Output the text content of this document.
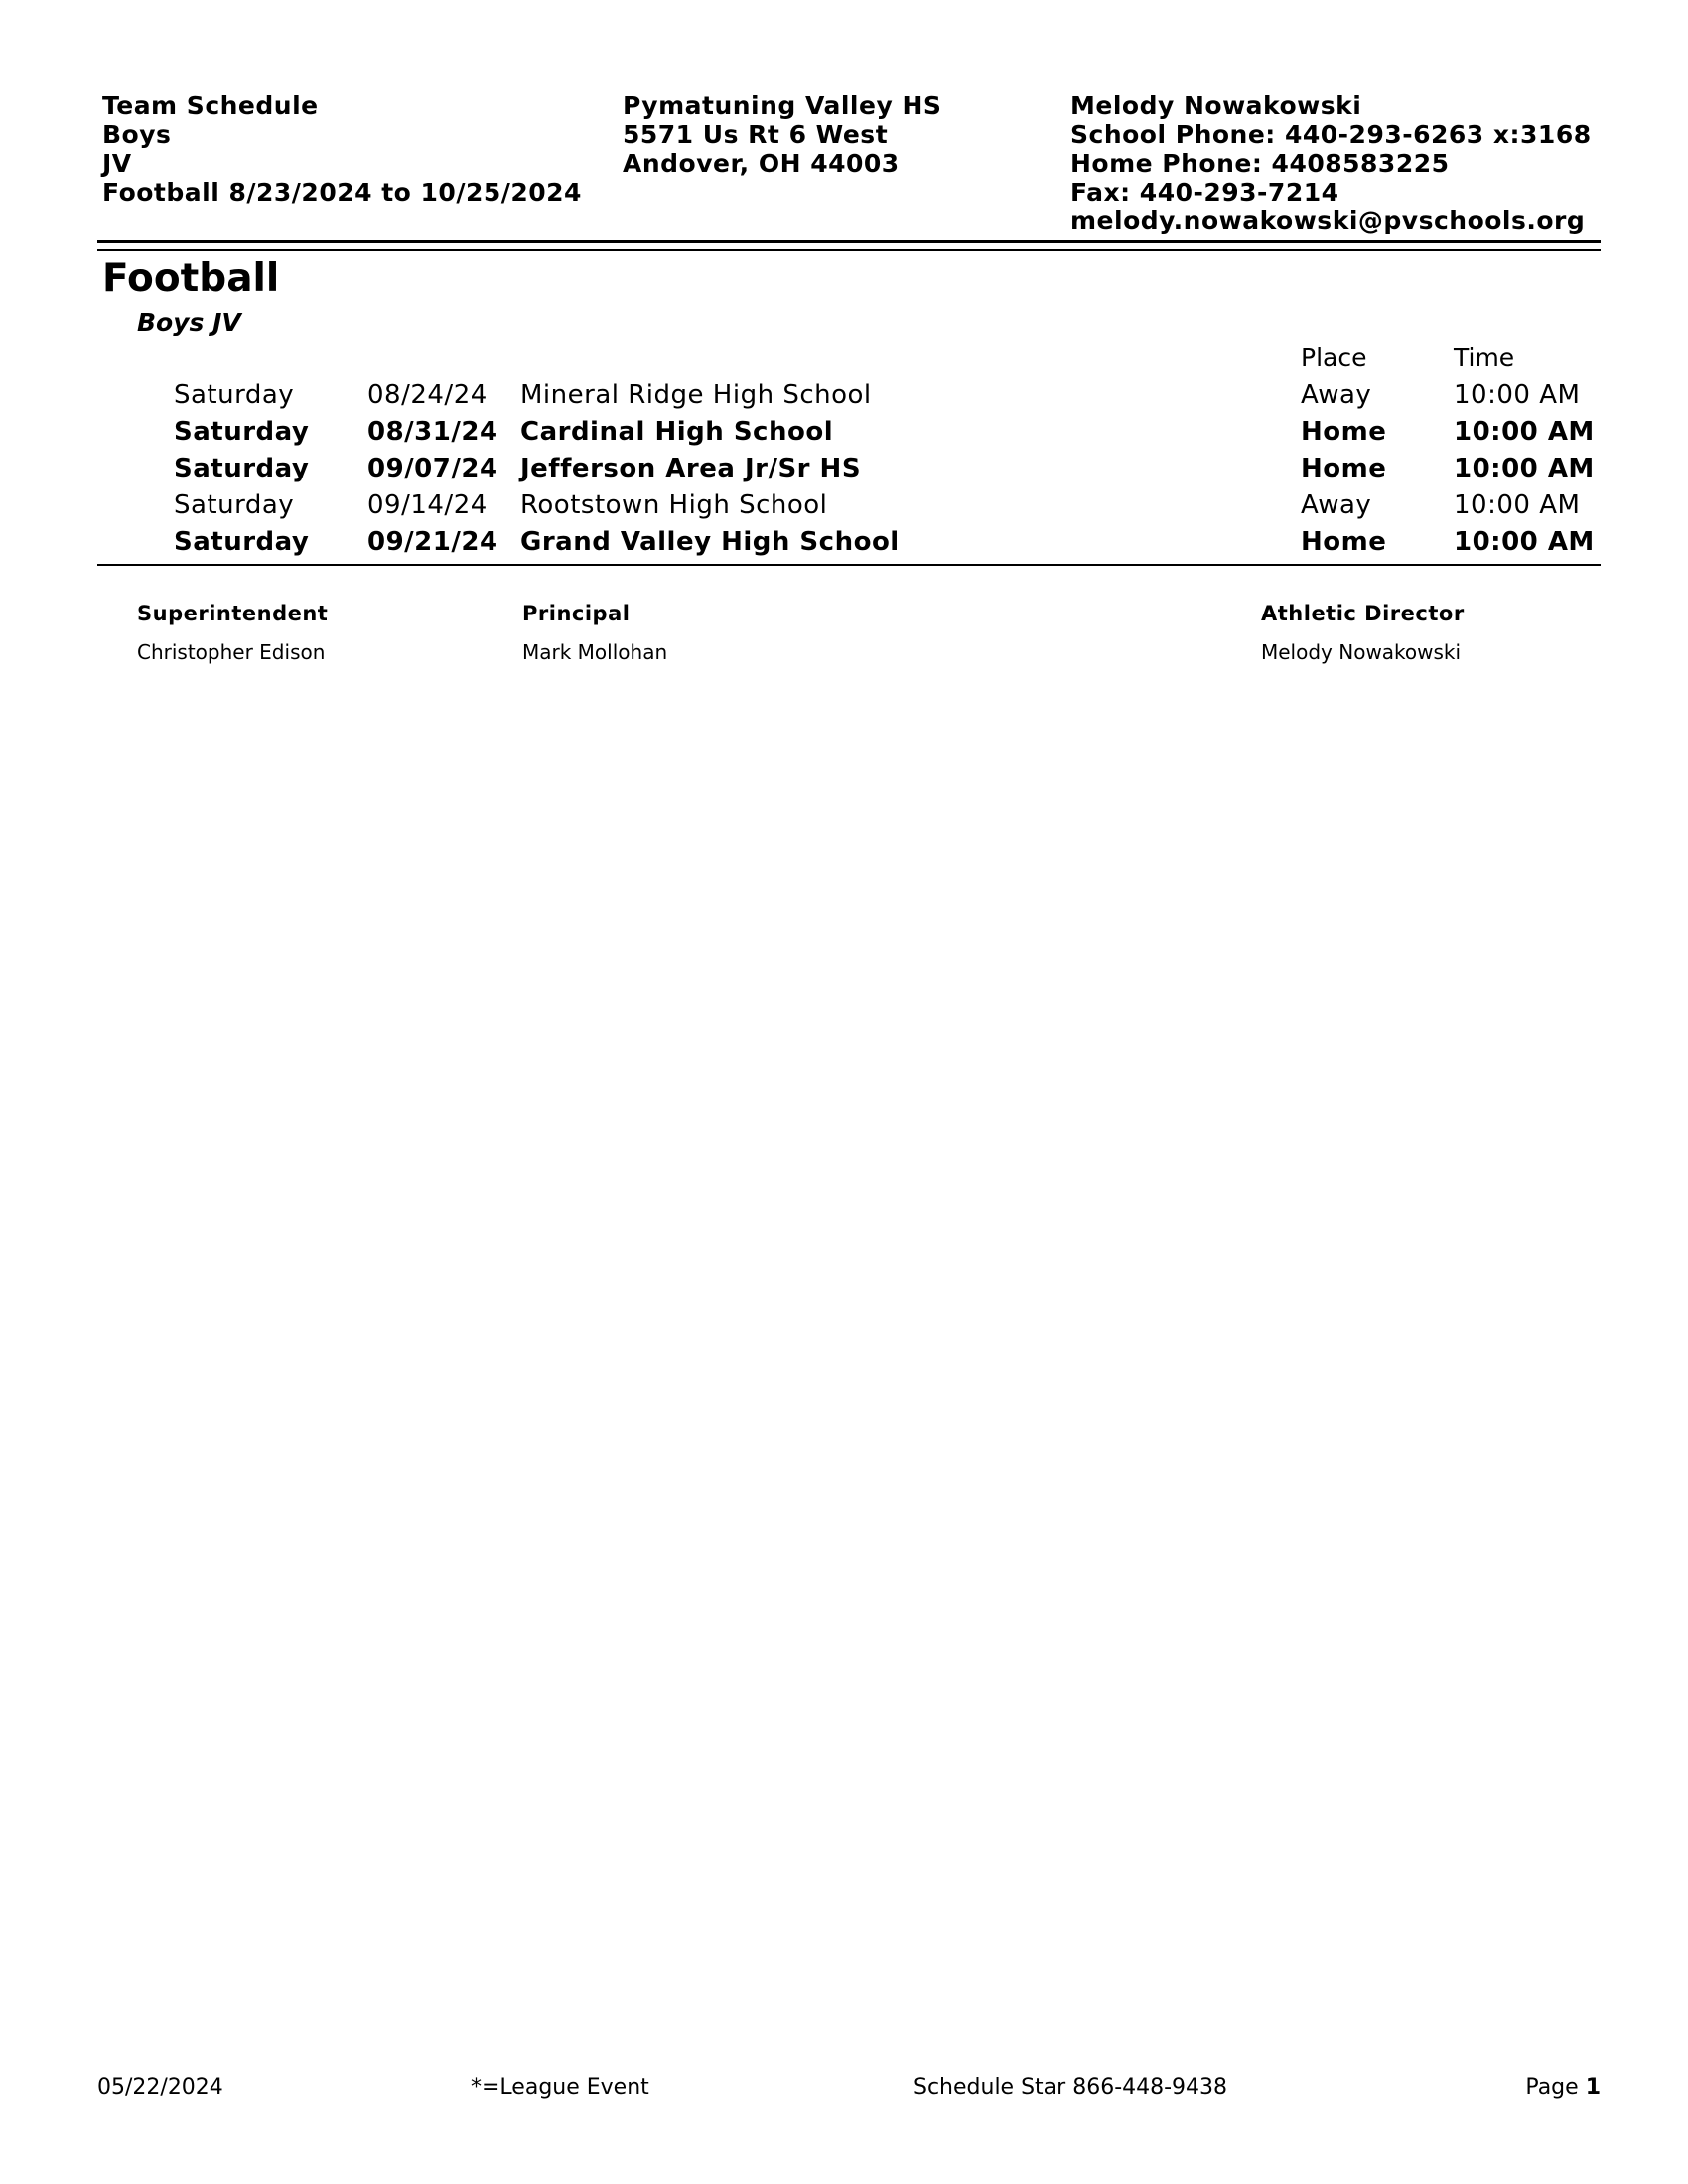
Team Schedule
Boys
JV
Football 8/23/2024 to 10/25/2024
Pymatuning Valley HS
5571 Us Rt 6 West
Andover, OH 44003
Melody Nowakowski
School Phone: 440-293-6263 x:3168
Home Phone: 4408583225
Fax: 440-293-7214
melody.nowakowski@pvschools.org
Football
Boys JV
Place	Time
Saturday	08/24/24 Mineral Ridge High School	Away	10:00 AM
Saturday 08/31/24 Cardinal High School	Home	10:00 AM
Saturday 09/07/24 Jefferson Area Jr/Sr HS	Home	10:00 AM
Saturday	09/14/24 Rootstown High School	Away	10:00 AM
Saturday 09/21/24 Grand Valley High School	Home	10:00 AM
Superintendent
Christopher Edison
Principal
Mark Mollohan
Athletic Director
Melody Nowakowski
05/22/2024	*=League Event	Schedule Star 866-448-9438	Page 1
